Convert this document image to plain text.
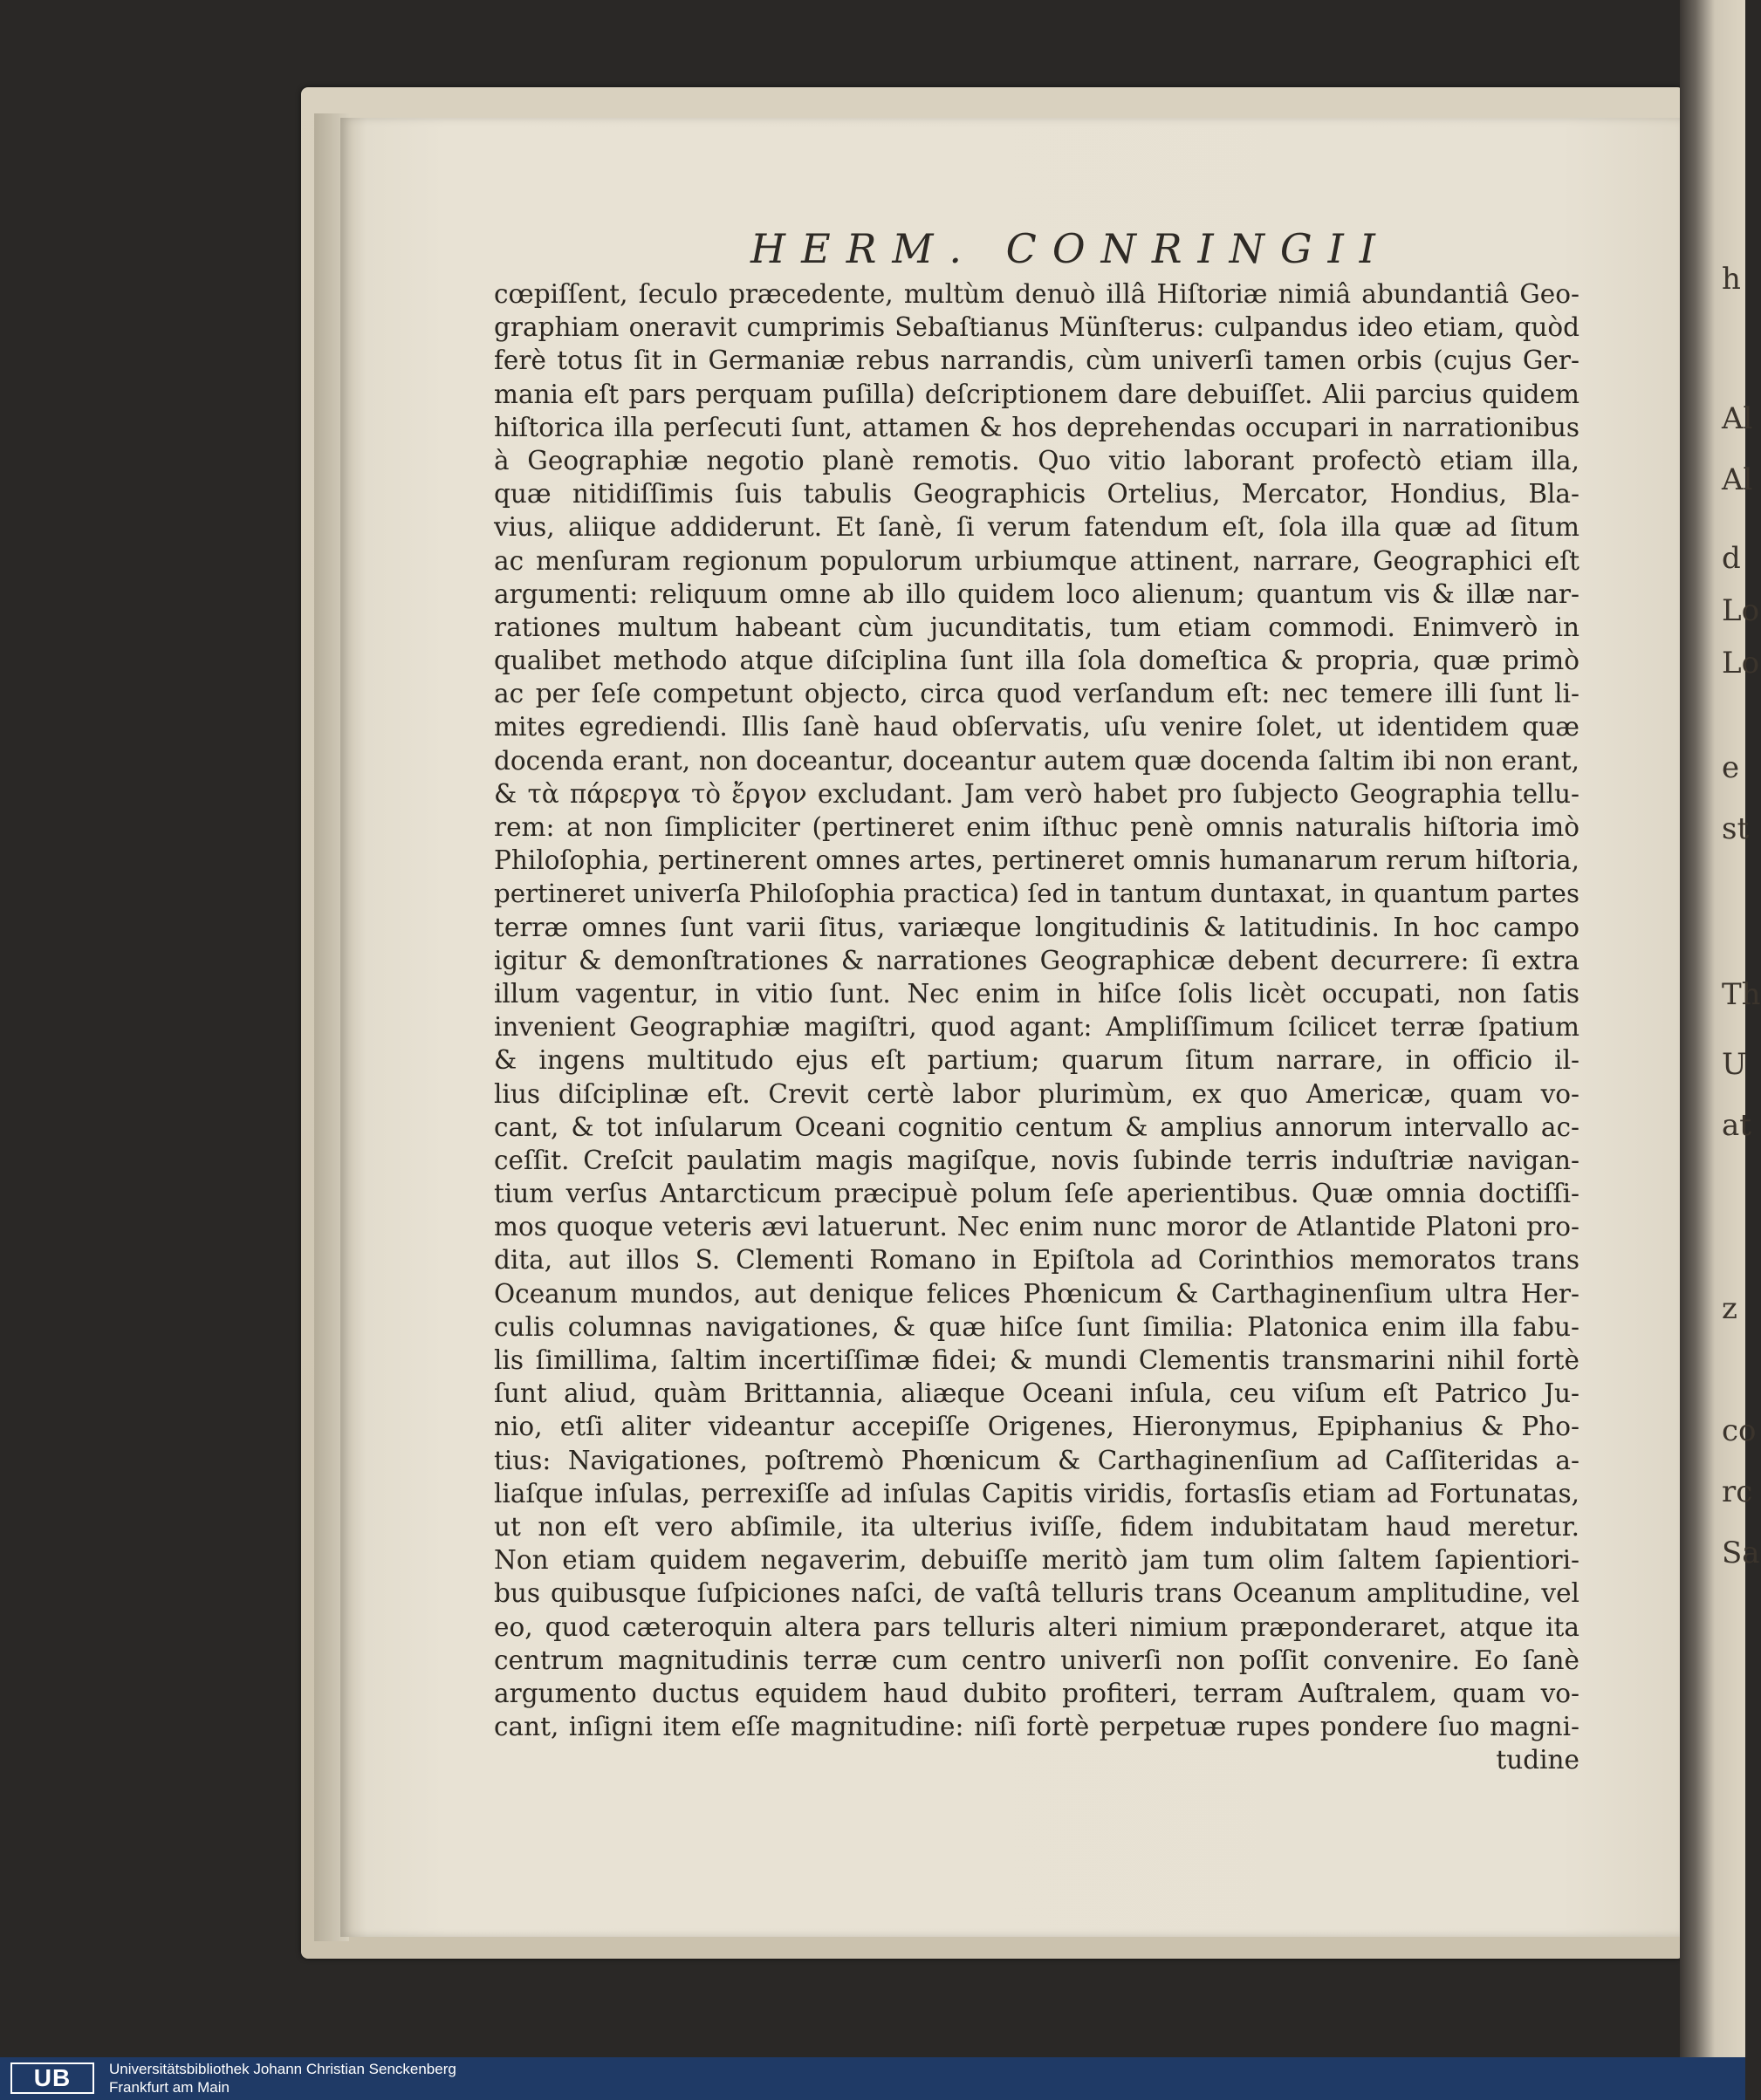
h
Al
Al
d
Lo
Lo
e
st
Th
U
at
z
co
rc
Sa
HERM. CONRINGII
cœpiſſent, ſeculo præcedente, multùm denuò illâ Hiſtoriæ nimiâ abundantiâ Geo-
graphiam oneravit cumprimis Sebaſtianus Münſterus: culpandus ideo etiam, quòd
ferè totus ſit in Germaniæ rebus narrandis, cùm univerſi tamen orbis (cujus Ger-
mania eſt pars perquam puſilla) deſcriptionem dare debuiſſet. Alii parcius quidem
hiſtorica illa perſecuti ſunt, attamen & hos deprehendas occupari in narrationibus
à Geographiæ negotio planè remotis. Quo vitio laborant profectò etiam illa,
quæ nitidiſſimis ſuis tabulis Geographicis Ortelius, Mercator, Hondius, Bla-
vius, aliique addiderunt. Et ſanè, ſi verum fatendum eſt, ſola illa quæ ad ſitum
ac menſuram regionum populorum urbiumque attinent, narrare, Geographici eſt
argumenti: reliquum omne ab illo quidem loco alienum; quantum vis & illæ nar-
rationes multum habeant cùm jucunditatis, tum etiam commodi. Enimverò in
qualibet methodo atque diſciplina ſunt illa ſola domeſtica & propria, quæ primò
ac per ſeſe competunt objecto, circa quod verſandum eſt: nec temere illi ſunt li-
mites egrediendi. Illis ſanè haud obſervatis, uſu venire ſolet, ut identidem quæ
docenda erant, non doceantur, doceantur autem quæ docenda ſaltim ibi non erant,
& τὰ πάρεργα τὸ ἔργον excludant. Jam verò habet pro ſubjecto Geographia tellu-
rem: at non ſimpliciter (pertineret enim iſthuc penè omnis naturalis hiſtoria imò
Philoſophia, pertinerent omnes artes, pertineret omnis humanarum rerum hiſtoria,
pertineret univerſa Philoſophia practica) ſed in tantum duntaxat, in quantum partes
terræ omnes ſunt varii ſitus, variæque longitudinis & latitudinis. In hoc campo
igitur & demonſtrationes & narrationes Geographicæ debent decurrere: ſi extra
illum vagentur, in vitio ſunt. Nec enim in hiſce ſolis licèt occupati, non ſatis
invenient Geographiæ magiſtri, quod agant: Ampliſſimum ſcilicet terræ ſpatium
& ingens multitudo ejus eſt partium; quarum ſitum narrare, in officio il-
lius diſciplinæ eſt. Crevit certè labor plurimùm, ex quo Americæ, quam vo-
cant, & tot inſularum Oceani cognitio centum & amplius annorum intervallo ac-
ceſſit. Creſcit paulatim magis magiſque, novis ſubinde terris induſtriæ navigan-
tium verſus Antarcticum præcipuè polum ſeſe aperientibus. Quæ omnia doctiſſi-
mos quoque veteris ævi latuerunt. Nec enim nunc moror de Atlantide Platoni pro-
dita, aut illos S. Clementi Romano in Epiſtola ad Corinthios memoratos trans
Oceanum mundos, aut denique felices Phœnicum & Carthaginenſium ultra Her-
culis columnas navigationes, & quæ hiſce ſunt ſimilia: Platonica enim illa fabu-
lis ſimillima, ſaltim incertiſſimæ fidei; & mundi Clementis transmarini nihil fortè
ſunt aliud, quàm Brittannia, aliæque Oceani inſula, ceu viſum eſt Patrico Ju-
nio, etſi aliter videantur accepiſſe Origenes, Hieronymus, Epiphanius & Pho-
tius: Navigationes, poſtremò Phœnicum & Carthaginenſium ad Caſſiteridas a-
liaſque inſulas, perrexiſſe ad inſulas Capitis viridis, fortasſis etiam ad Fortunatas,
ut non eſt vero abſimile, ita ulterius iviſſe, fidem indubitatam haud meretur.
Non etiam quidem negaverim, debuiſſe meritò jam tum olim ſaltem ſapientiori-
bus quibusque ſuſpiciones naſci, de vaſtâ telluris trans Oceanum amplitudine, vel
eo, quod cæteroquin altera pars telluris alteri nimium præponderaret, atque ita
centrum magnitudinis terræ cum centro univerſi non poſſit convenire. Eo ſanè
argumento ductus equidem haud dubito profiteri, terram Auſtralem, quam vo-
cant, inſigni item eſſe magnitudine: niſi fortè perpetuæ rupes pondere ſuo magni-
tudine
UB	Universitätsbibliothek Johann Christian Senckenberg
Frankfurt am Main
